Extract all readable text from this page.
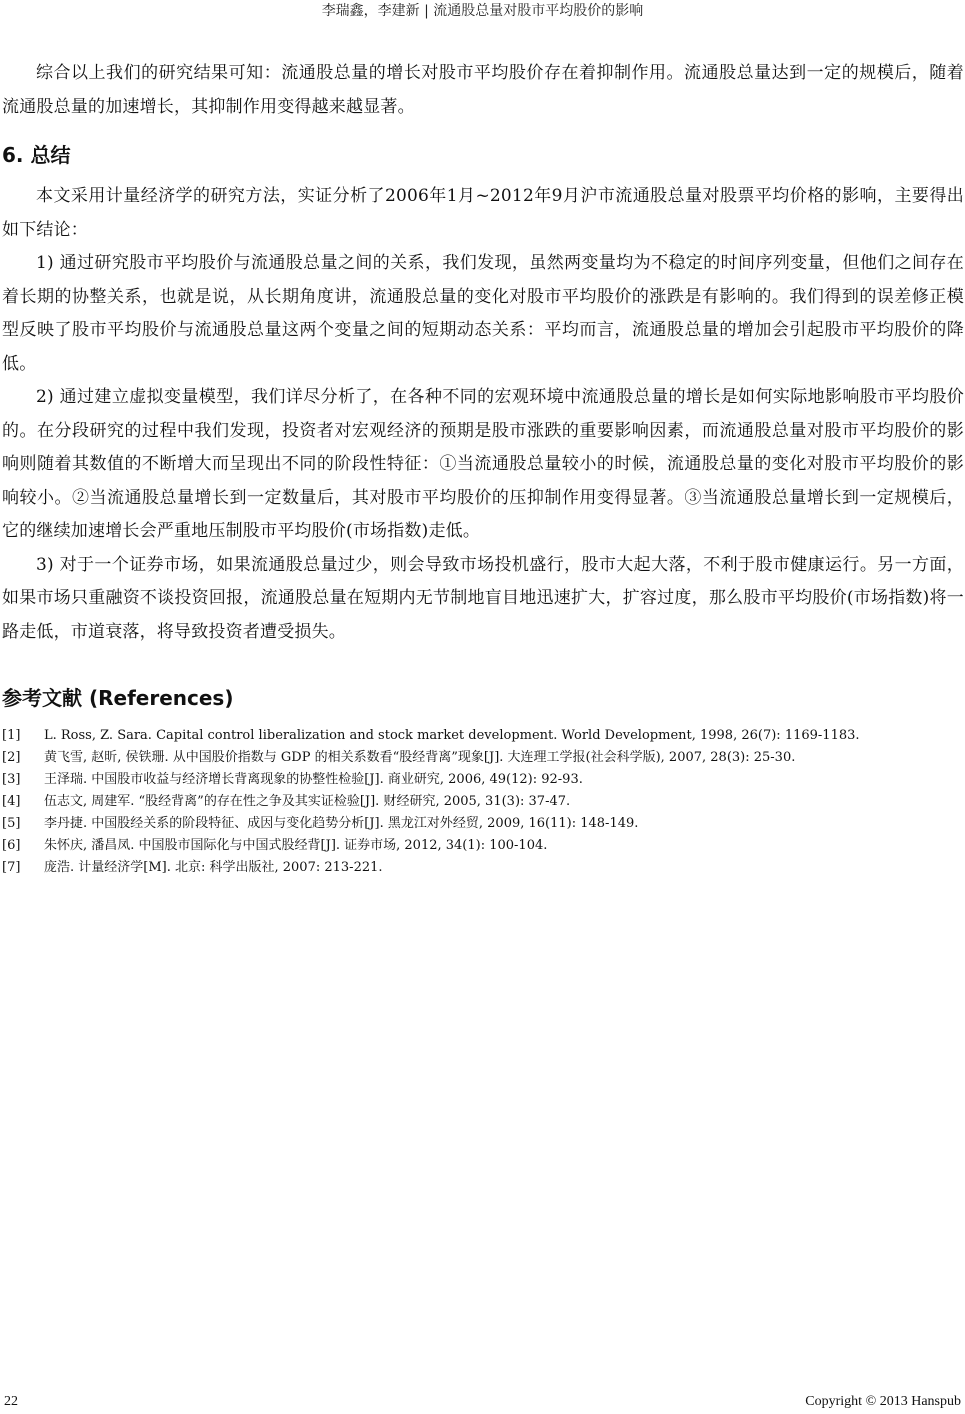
李瑞鑫，李建新 | 流通股总量对股市平均股价的影响

综合以上我们的研究结果可知：流通股总量的增长对股市平均股价存在着抑制作用。流通股总量达到一定的规模后，随着流通股总量的加速增长，其抑制作用变得越来越显著。

6. 总结

本文采用计量经济学的研究方法，实证分析了2006年1月~2012年9月沪市流通股总量对股票平均价格的影响，主要得出如下结论：

1) 通过研究股市平均股价与流通股总量之间的关系，我们发现，虽然两变量均为不稳定的时间序列变量，但他们之间存在着长期的协整关系，也就是说，从长期角度讲，流通股总量的变化对股市平均股价的涨跌是有影响的。我们得到的误差修正模型反映了股市平均股价与流通股总量这两个变量之间的短期动态关系：平均而言，流通股总量的增加会引起股市平均股价的降低。

2) 通过建立虚拟变量模型，我们详尽分析了，在各种不同的宏观环境中流通股总量的增长是如何实际地影响股市平均股价的。在分段研究的过程中我们发现，投资者对宏观经济的预期是股市涨跌的重要影响因素，而流通股总量对股市平均股价的影响则随着其数值的不断增大而呈现出不同的阶段性特征：①当流通股总量较小的时候，流通股总量的变化对股市平均股价的影响较小。②当流通股总量增长到一定数量后，其对股市平均股价的压抑制作用变得显著。③当流通股总量增长到一定规模后，它的继续加速增长会严重地压制股市平均股价(市场指数)走低。

3) 对于一个证券市场，如果流通股总量过少，则会导致市场投机盛行，股市大起大落，不利于股市健康运行。另一方面，如果市场只重融资不谈投资回报，流通股总量在短期内无节制地盲目地迅速扩大，扩容过度，那么股市平均股价(市场指数)将一路走低，市道衰落，将导致投资者遭受损失。

参考文献 (References)
[1]	L. Ross, Z. Sara. Capital control liberalization and stock market development. World Development, 1998, 26(7): 1169-1183.
[2]	黄飞雪, 赵昕, 侯铁珊. 从中国股价指数与 GDP 的相关系数看“股经背离”现象[J]. 大连理工学报(社会科学版), 2007, 28(3): 25-30.
[3]	王泽瑞. 中国股市收益与经济增长背离现象的协整性检验[J]. 商业研究, 2006, 49(12): 92-93.
[4]	伍志文, 周建军. “股经背离”的存在性之争及其实证检验[J]. 财经研究, 2005, 31(3): 37-47.
[5]	李丹捷. 中国股经关系的阶段特征、成因与变化趋势分析[J]. 黑龙江对外经贸, 2009, 16(11): 148-149.
[6]	朱怀庆, 潘昌凤. 中国股市国际化与中国式股经背[J]. 证券市场, 2012, 34(1): 100-104.
[7]	庞浩. 计量经济学[M]. 北京: 科学出版社, 2007: 213-221.
22	Copyright © 2013 Hanspub
